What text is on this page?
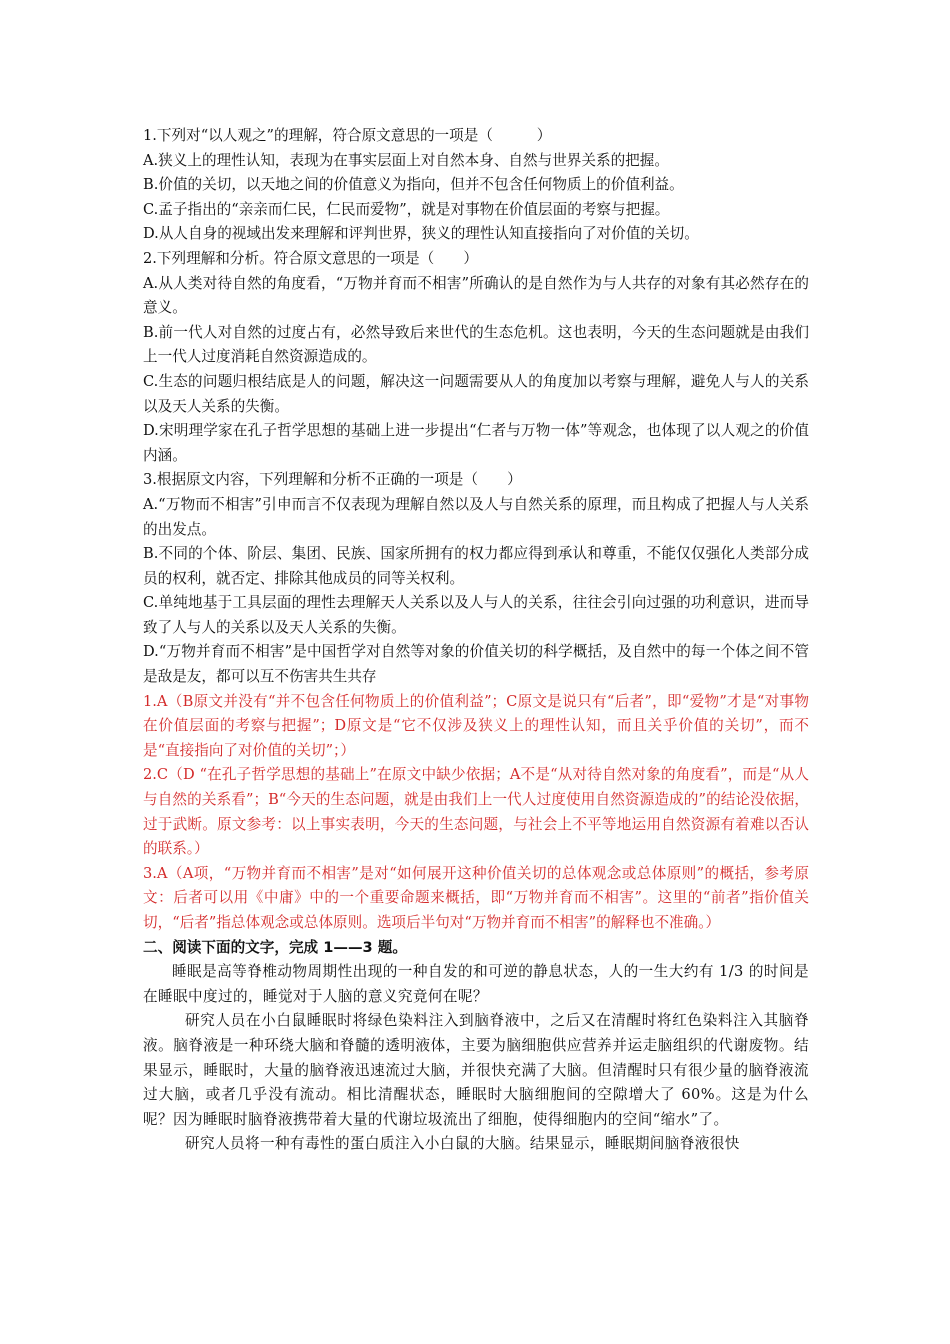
1.下列对“以人观之”的理解，符合原文意思的一项是（　　　）

A.狭义上的理性认知，表现为在事实层面上对自然本身、自然与世界关系的把握。

B.价值的关切，以天地之间的价值意义为指向，但并不包含任何物质上的价值利益。

C.孟子指出的“亲亲而仁民，仁民而爱物”，就是对事物在价值层面的考察与把握。

D.从人自身的视域出发来理解和评判世界，狭义的理性认知直接指向了对价值的关切。

2.下列理解和分析。符合原文意思的一项是（　　）

A.从人类对待自然的角度看，“万物并育而不相害”所确认的是自然作为与人共存的对象有其必然存在的意义。

B.前一代人对自然的过度占有，必然导致后来世代的生态危机。这也表明，今天的生态问题就是由我们上一代人过度消耗自然资源造成的。

C.生态的问题归根结底是人的问题，解决这一问题需要从人的角度加以考察与理解，避免人与人的关系以及天人关系的失衡。

D.宋明理学家在孔子哲学思想的基础上进一步提出“仁者与万物一体”等观念，也体现了以人观之的价值内涵。

3.根据原文内容，下列理解和分析不正确的一项是（　　）

A.“万物而不相害”引申而言不仅表现为理解自然以及人与自然关系的原理，而且构成了把握人与人关系的出发点。

B.不同的个体、阶层、集团、民族、国家所拥有的权力都应得到承认和尊重，不能仅仅强化人类部分成员的权利，就否定、排除其他成员的同等关权利。

C.单纯地基于工具层面的理性去理解天人关系以及人与人的关系，往往会引向过强的功利意识，进而导致了人与人的关系以及天人关系的失衡。

D.“万物并育而不相害”是中国哲学对自然等对象的价值关切的科学概括，及自然中的每一个体之间不管是敌是友，都可以互不伤害共生共存

1.A（B原文并没有“并不包含任何物质上的价值利益”；C原文是说只有“后者”，即“爱物”才是“对事物在价值层面的考察与把握”；D原文是“它不仅涉及狭义上的理性认知，而且关乎价值的关切”，而不是“直接指向了对价值的关切”；）

2.C（D “在孔子哲学思想的基础上”在原文中缺少依据；A不是“从对待自然对象的角度看”，而是“从人与自然的关系看”；B“今天的生态问题，就是由我们上一代人过度使用自然资源造成的”的结论没依据，过于武断。原文参考：以上事实表明，今天的生态问题，与社会上不平等地运用自然资源有着难以否认的联系。）

3.A（A项，“万物并育而不相害”是对“如何展开这种价值关切的总体观念或总体原则”的概括，参考原文：后者可以用《中庸》中的一个重要命题来概括，即“万物并育而不相害”。这里的“前者”指价值关切，“后者”指总体观念或总体原则。选项后半句对“万物并育而不相害”的解释也不准确。）

二、阅读下面的文字，完成 1——3 题。

睡眠是高等脊椎动物周期性出现的一种自发的和可逆的静息状态，人的一生大约有 1/3 的时间是在睡眠中度过的，睡觉对于人脑的意义究竟何在呢？

研究人员在小白鼠睡眠时将绿色染料注入到脑脊液中，之后又在清醒时将红色染料注入其脑脊液。脑脊液是一种环绕大脑和脊髓的透明液体，主要为脑细胞供应营养并运走脑组织的代谢废物。结果显示，睡眠时，大量的脑脊液迅速流过大脑，并很快充满了大脑。但清醒时只有很少量的脑脊液流过大脑，或者几乎没有流动。相比清醒状态，睡眠时大脑细胞间的空隙增大了 60%。这是为什么呢？因为睡眠时脑脊液携带着大量的代谢垃圾流出了细胞，使得细胞内的空间“缩水”了。

研究人员将一种有毒性的蛋白质注入小白鼠的大脑。结果显示，睡眠期间脑脊液很快
